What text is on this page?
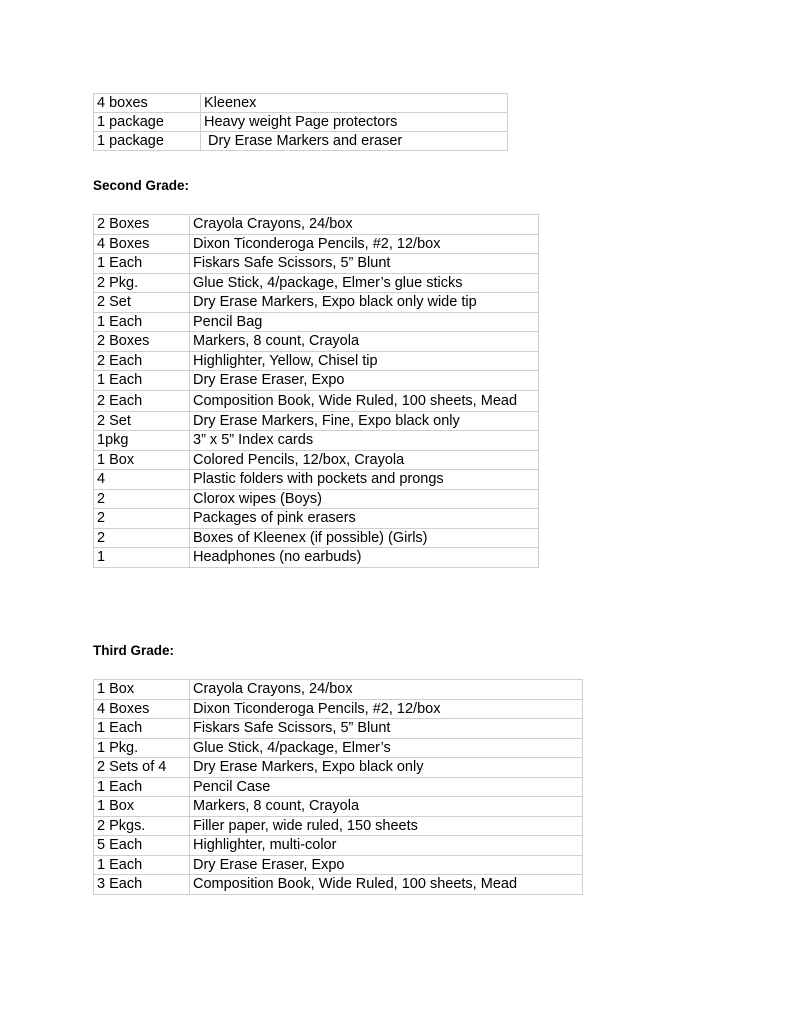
4 boxes	Kleenex
1 package	Heavy weight Page protectors
1 package	Dry Erase Markers and eraser
Second Grade:
2 Boxes	Crayola Crayons, 24/box
4 Boxes	Dixon Ticonderoga Pencils, #2, 12/box
1 Each	Fiskars Safe Scissors, 5” Blunt
2 Pkg.	Glue Stick, 4/package, Elmer’s glue sticks
2 Set	Dry Erase Markers, Expo black only wide tip
1 Each	Pencil Bag
2 Boxes	Markers, 8 count, Crayola
2 Each	Highlighter, Yellow, Chisel tip
1 Each	Dry Erase Eraser, Expo
2 Each	Composition Book, Wide Ruled, 100 sheets, Mead
2 Set	Dry Erase Markers, Fine, Expo black only
1pkg	3” x 5” Index cards
1 Box	Colored Pencils, 12/box, Crayola
4	Plastic folders with pockets and prongs
2	Clorox wipes (Boys)
2	Packages of pink erasers
2	Boxes of Kleenex (if possible) (Girls)
1	Headphones (no earbuds)
Third Grade:
1 Box	Crayola Crayons, 24/box
4 Boxes	Dixon Ticonderoga Pencils, #2, 12/box
1 Each	Fiskars Safe Scissors, 5” Blunt
1 Pkg.	Glue Stick, 4/package, Elmer’s
2 Sets of 4	Dry Erase Markers, Expo black only
1 Each	Pencil Case
1 Box	Markers, 8 count, Crayola
2 Pkgs.	Filler paper, wide ruled, 150 sheets
5 Each	Highlighter, multi-color
1 Each	Dry Erase Eraser, Expo
3 Each	Composition Book, Wide Ruled, 100 sheets, Mead
